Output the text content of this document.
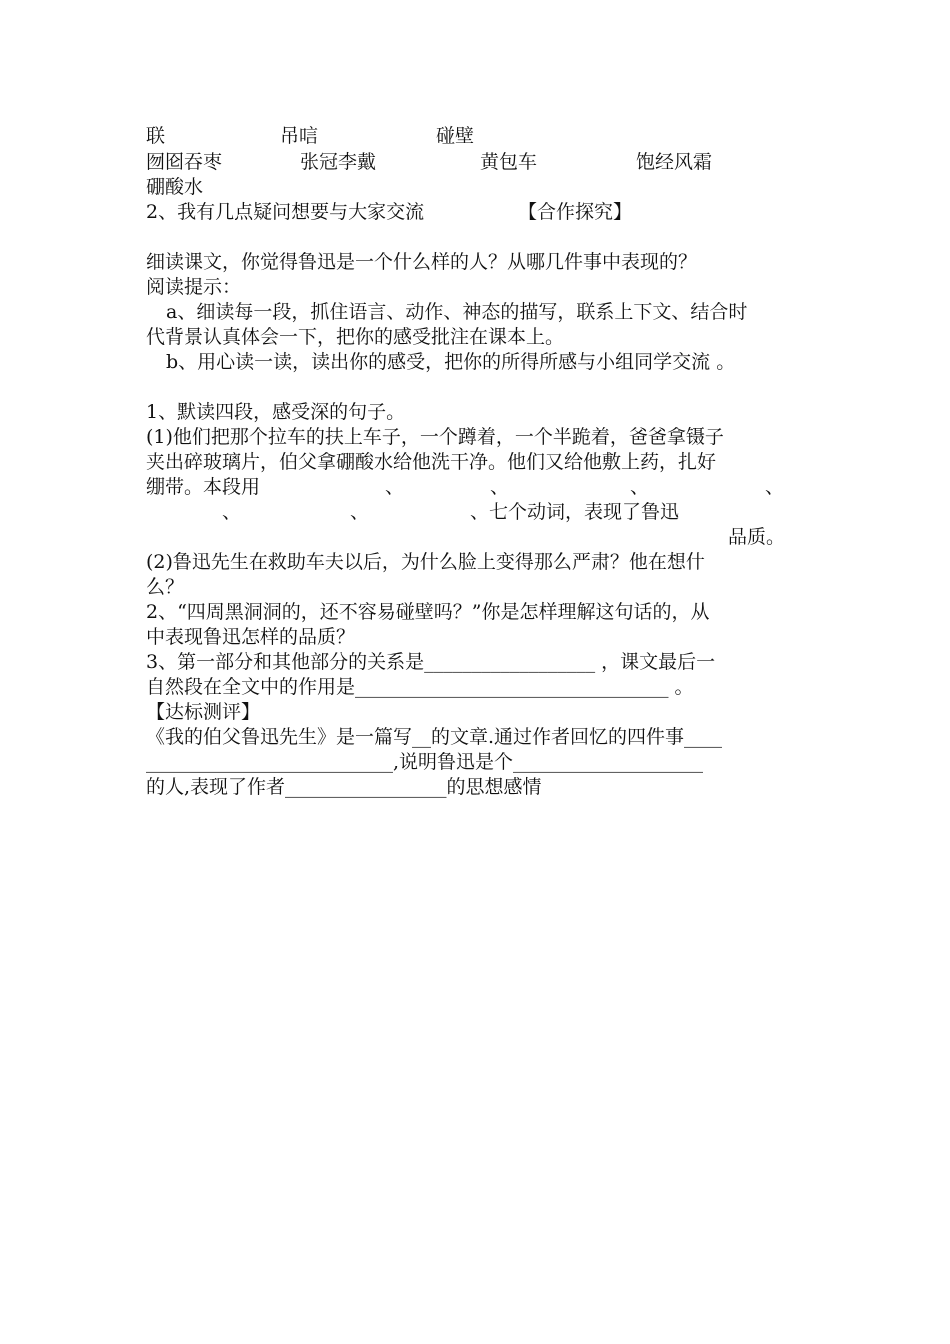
联	吊唁	碰壁
囫囵吞枣	张冠李戴	黄包车	饱经风霜
硼酸水
2、我有几点疑问想要与大家交流	【合作探究】
细读课文，你觉得鲁迅是一个什么样的人？从哪几件事中表现的？
阅读提示：
a、细读每一段，抓住语言、动作、神态的描写，联系上下文、结合时
代背景认真体会一下，把你的感受批注在课本上。
b、用心读一读，读出你的感受，把你的所得所感与小组同学交流 。
1、默读四段，感受深的句子。
(1)他们把那个拉车的扶上车子，一个蹲着，一个半跪着，爸爸拿镊子
夹出碎玻璃片，伯父拿硼酸水给他洗干净。他们又给他敷上药，扎好
绷带。本段用	、	、	、	、
、	、	、七个动词，表现了鲁迅
品质。
(2)鲁迅先生在救助车夫以后，为什么脸上变得那么严肃？他在想什
么？
2、“四周黑洞洞的，还不容易碰壁吗？”你是怎样理解这句话的，从
中表现鲁迅怎样的品质？
3、第一部分和其他部分的关系是__________________ ，课文最后一
自然段在全文中的作用是_________________________________ 。
【达标测评】
《我的伯父鲁迅先生》是一篇写__的文章.通过作者回忆的四件事____
__________________________,说明鲁迅是个____________________
的人,表现了作者_________________的思想感情
